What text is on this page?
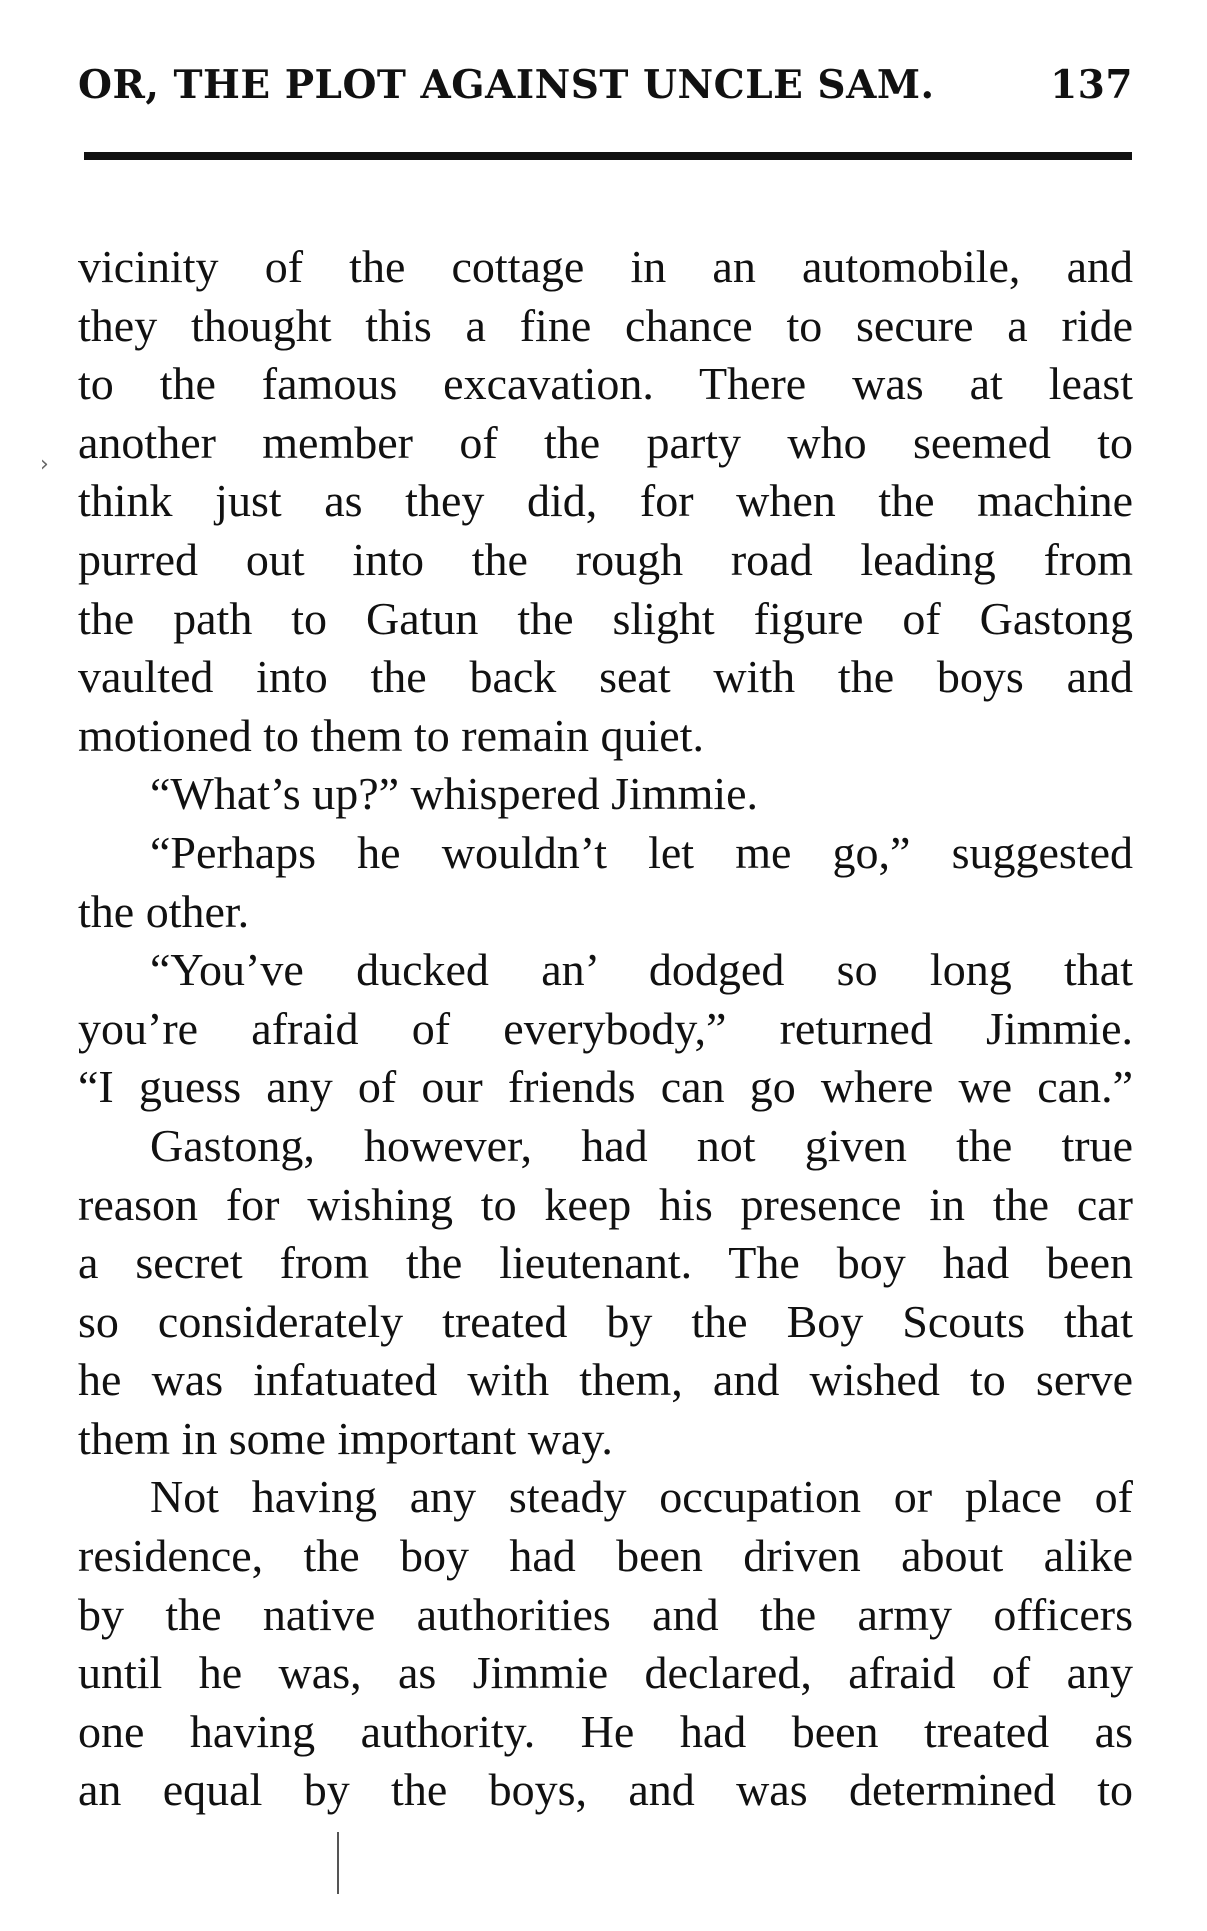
OR, THE PLOT AGAINST UNCLE SAM.	137
›
vicinity of the cottage in an automobile, and
they thought this a fine chance to secure a ride
to the famous excavation. There was at least
another member of the party who seemed to
think just as they did, for when the machine
purred out into the rough road leading from
the path to Gatun the slight figure of Gastong
vaulted into the back seat with the boys and
motioned to them to remain quiet.
“What’s up?” whispered Jimmie.
“Perhaps he wouldn’t let me go,” suggested
the other.
“You’ve ducked an’ dodged so long that
you’re afraid of everybody,” returned Jimmie.
“I guess any of our friends can go where we can.”
Gastong, however, had not given the true
reason for wishing to keep his presence in the car
a secret from the lieutenant. The boy had been
so considerately treated by the Boy Scouts that
he was infatuated with them, and wished to serve
them in some important way.
Not having any steady occupation or place of
residence, the boy had been driven about alike
by the native authorities and the army officers
until he was, as Jimmie declared, afraid of any
one having authority. He had been treated as
an equal by the boys, and was determined to
